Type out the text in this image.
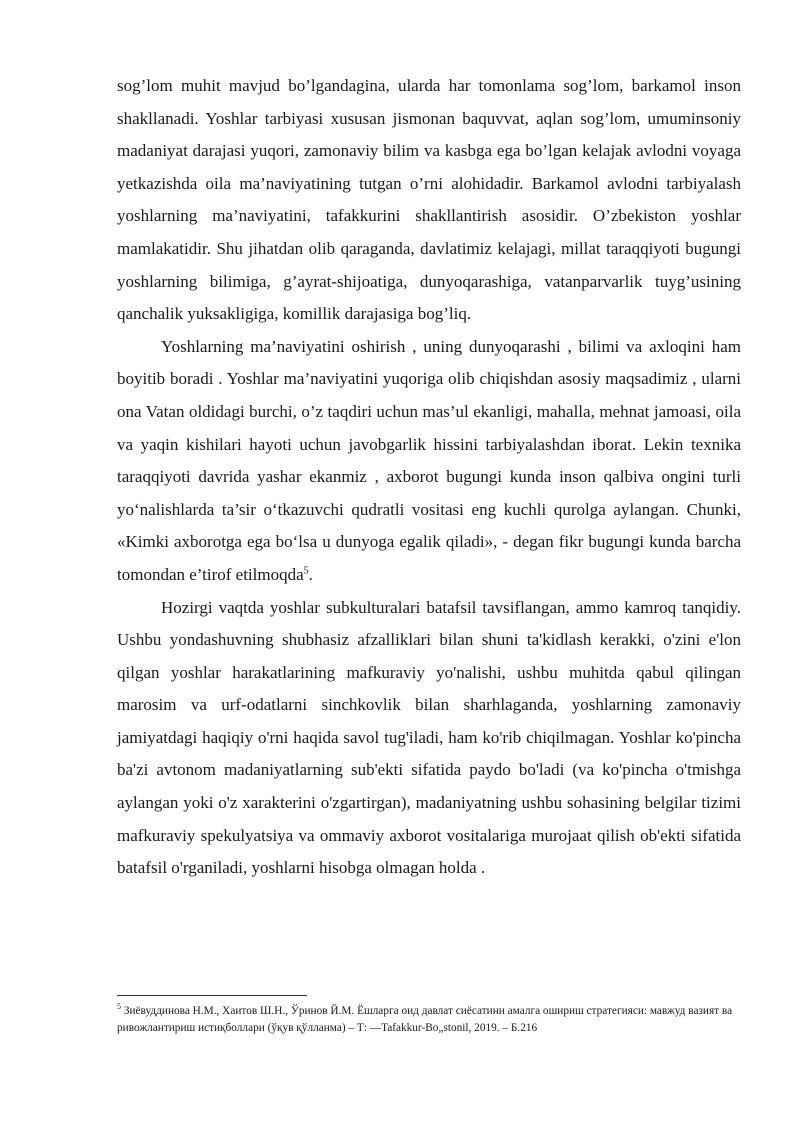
sog’lom muhit mavjud bo’lgandagina, ularda har tomonlama sog’lom, barkamol inson shakllanadi. Yoshlar tarbiyasi xususan jismonan baquvvat, aqlan sog’lom, umuminsoniy madaniyat darajasi yuqori, zamonaviy bilim va kasbga ega bo’lgan kelajak avlodni voyaga yetkazishda oila ma’naviyatining tutgan o’rni alohidadir. Barkamol avlodni tarbiyalash yoshlarning ma’naviyatini, tafakkurini shakllantirish asosidir. O’zbekiston yoshlar mamlakatidir. Shu jihatdan olib qaraganda, davlatimiz kelajagi, millat taraqqiyoti bugungi yoshlarning bilimiga, g’ayrat-shijoatiga, dunyoqarashiga, vatanparvarlik tuyg’usining qanchalik yuksakligiga, komillik darajasiga bog’liq.

Yoshlarning ma’naviyatini oshirish , uning dunyoqarashi , bilimi va axloqini ham boyitib boradi . Yoshlar ma’naviyatini yuqoriga olib chiqishdan asosiy maqsadimiz , ularni ona Vatan oldidagi burchi, o’z taqdiri uchun mas’ul ekanligi, mahalla, mehnat jamoasi, oila va yaqin kishilari hayoti uchun javobgarlik hissini tarbiyalashdan iborat. Lekin texnika taraqqiyoti davrida yashar ekanmiz , axborot bugungi kunda inson qalbiva ongini turli yo‘nalishlarda ta’sir o‘tkazuvchi qudratli vositasi eng kuchli qurolga aylangan. Chunki, «Kimki axborotga ega bo‘lsa u dunyoga egalik qiladi», - degan fikr bugungi kunda barcha tomondan e’tirof etilmoqda$^5$.

Hozirgi vaqtda yoshlar subkulturalari batafsil tavsiflangan, ammo kamroq tanqidiy. Ushbu yondashuvning shubhasiz afzalliklari bilan shuni ta'kidlash kerakki, o'zini e'lon qilgan yoshlar harakatlarining mafkuraviy yo'nalishi, ushbu muhitda qabul qilingan marosim va urf-odatlarni sinchkovlik bilan sharhlaganda, yoshlarning zamonaviy jamiyatdagi haqiqiy o'rni haqida savol tug'iladi, ham ko'rib chiqilmagan. Yoshlar ko'pincha ba'zi avtonom madaniyatlarning sub'ekti sifatida paydo bo'ladi (va ko'pincha o'tmishga aylangan yoki o'z xarakterini o'zgartirgan), madaniyatning ushbu sohasining belgilar tizimi mafkuraviy spekulyatsiya va ommaviy axborot vositalariga murojaat qilish ob'ekti sifatida batafsil o'rganiladi, yoshlarni hisobga olmagan holda .

$^5$ Зиёвуддинова Н.М., Хаитов Ш.Н., Ўринов Й.М. Ёшларга оид давлат сиёсатини амалга ошириш стратегияси: мавжуд вазият ва ривожлантириш истиқболлари (ўқув қўлланма) – Т: —Tafakkur-Bo„stonil, 2019. – Б.216
